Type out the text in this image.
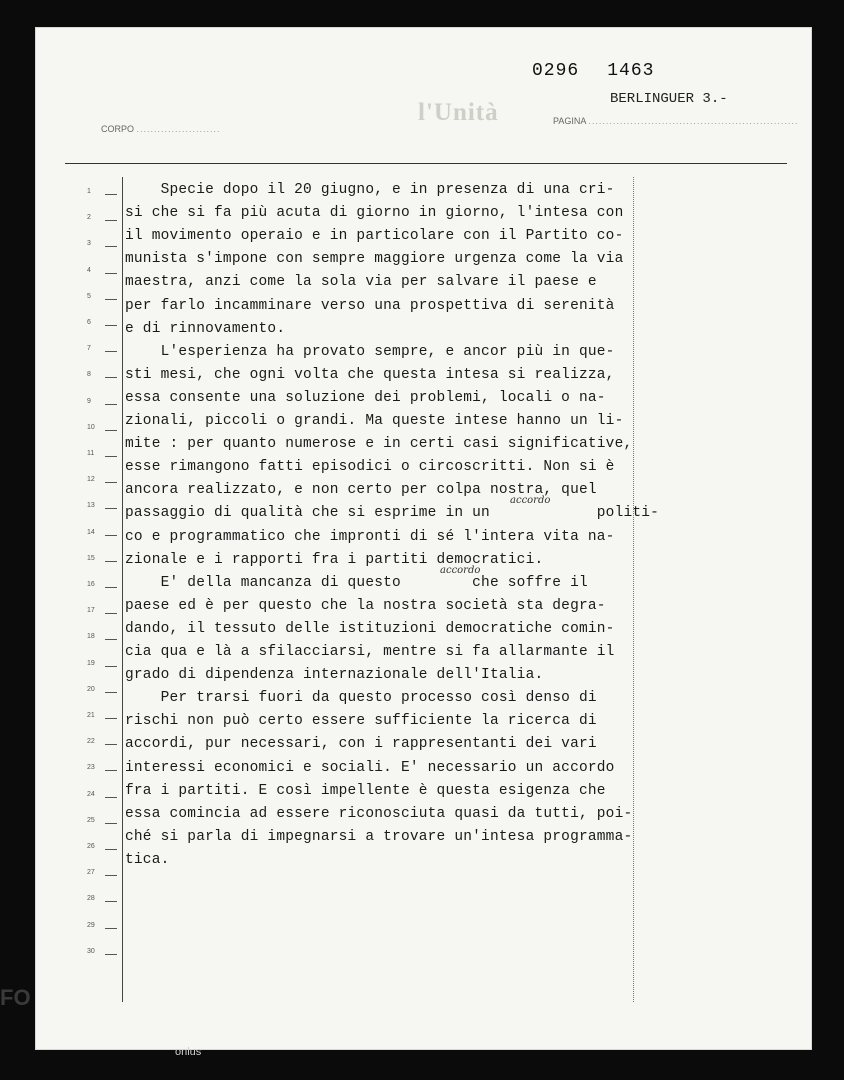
0296 1463
BERLINGUER 3.-
l'Unità
CORPO ........................
PAGINA ............................................................
1
2
3
4
5
6
7
8
9
10
11
12
13
14
15
16
17
18
19
20
21
22
23
24
25
26
27
28
29
30
Specie dopo il 20 giugno, e in presenza di una cri-
si che si fa più acuta di giorno in giorno, l'intesa con
il movimento operaio e in particolare con il Partito co-
munista s'impone con sempre maggiore urgenza come la via
maestra, anzi come la sola via per salvare il paese e
per farlo incamminare verso una prospettiva di serenità
e di rinnovamento.
L'esperienza ha provato sempre, e ancor più in que-
sti mesi, che ogni volta che questa intesa si realizza,
essa consente una soluzione dei problemi, locali o na-
zionali, piccoli o grandi. Ma queste intese hanno un li-
mite : per quanto numerose e in certi casi significative,
esse rimangono fatti episodici o circoscritti. Non si è
ancora realizzato, e non certo per colpa nostra, quel
passaggio di qualità che si esprime in un            politi-
co e programmatico che impronti di sé l'intera vita na-
zionale e i rapporti fra i partiti democratici.
E' della mancanza di questo        che soffre il
paese ed è per questo che la nostra società sta degra-
dando, il tessuto delle istituzioni democratiche comin-
cia qua e là a sfilacciarsi, mentre si fa allarmante il
grado di dipendenza internazionale dell'Italia.
Per trarsi fuori da questo processo così denso di
rischi non può certo essere sufficiente la ricerca di
accordi, pur necessari, con i rappresentanti dei vari
interessi economici e sociali. E' necessario un accordo
fra i partiti. E così impellente è questa esigenza che
essa comincia ad essere riconosciuta quasi da tutti, poi-
ché si parla di impegnarsi a trovare un'intesa programma-
tica.
accordo
accordo
FO
onlus
